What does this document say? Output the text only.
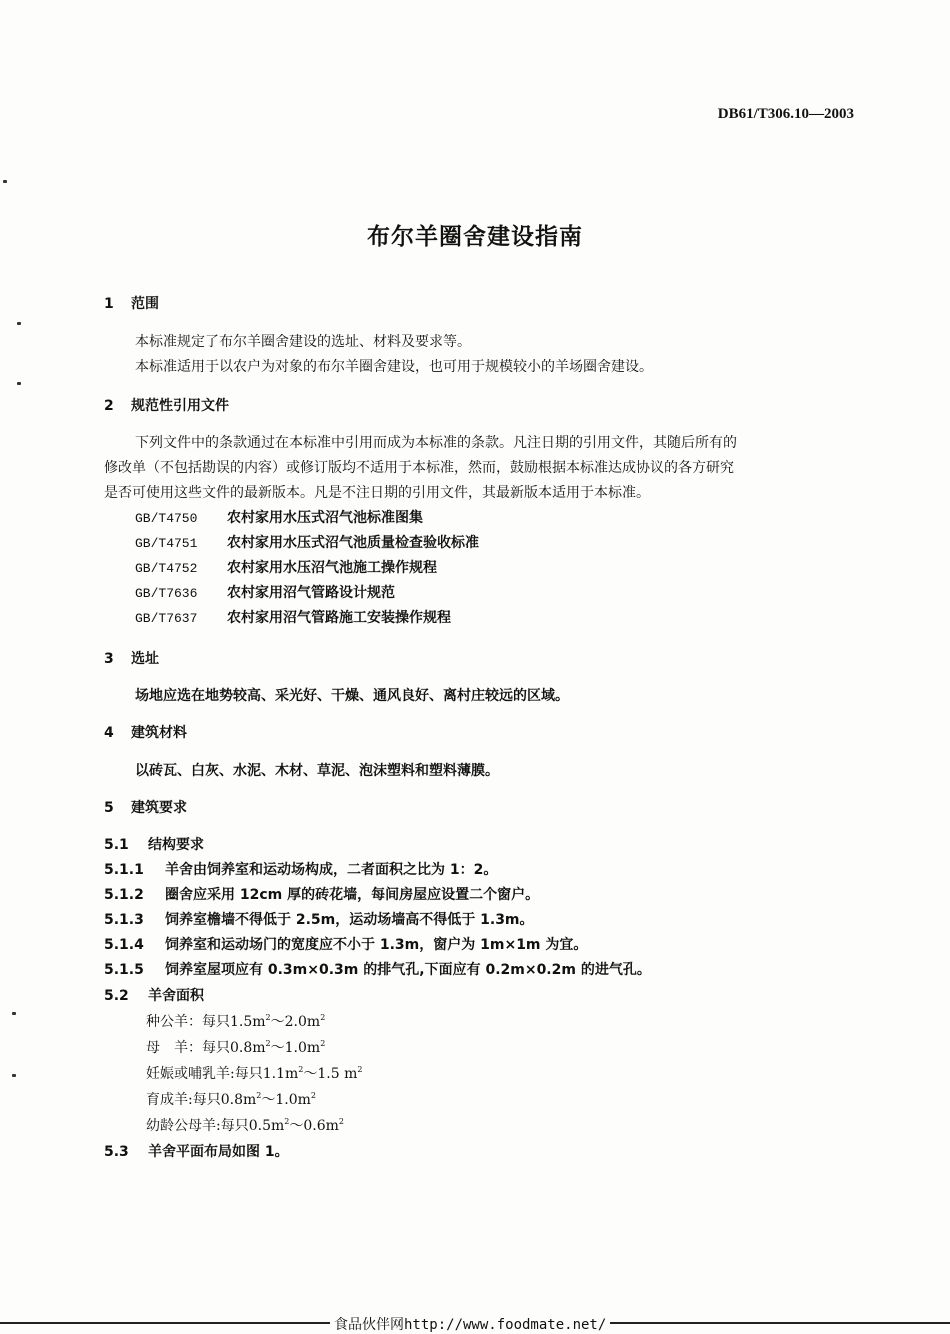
DB61/T306.10—2003
布尔羊圈舍建设指南
1 范围
本标准规定了布尔羊圈舍建设的选址、材料及要求等。
本标准适用于以农户为对象的布尔羊圈舍建设，也可用于规模较小的羊场圈舍建设。
2 规范性引用文件
下列文件中的条款通过在本标准中引用而成为本标准的条款。凡注日期的引用文件，其随后所有的
修改单（不包括勘误的内容）或修订版均不适用于本标准，然而，鼓励根据本标准达成协议的各方研究
是否可使用这些文件的最新版本。凡是不注日期的引用文件，其最新版本适用于本标准。
GB/T4750 农村家用水压式沼气池标准图集
GB/T4751 农村家用水压式沼气池质量检查验收标准
GB/T4752 农村家用水压沼气池施工操作规程
GB/T7636 农村家用沼气管路设计规范
GB/T7637 农村家用沼气管路施工安装操作规程
3 选址
场地应选在地势较高、采光好、干燥、通风良好、离村庄较远的区域。
4 建筑材料
以砖瓦、白灰、水泥、木材、草泥、泡沫塑料和塑料薄膜。
5 建筑要求
5.1 结构要求
5.1.1 羊舍由饲养室和运动场构成，二者面积之比为 1：2。
5.1.2 圈舍应采用 12cm 厚的砖花墙，每间房屋应设置二个窗户。
5.1.3 饲养室檐墙不得低于 2.5m，运动场墙高不得低于 1.3m。
5.1.4 饲养室和运动场门的宽度应不小于 1.3m，窗户为 1m×1m 为宜。
5.1.5 饲养室屋项应有 0.3m×0.3m 的排气孔,下面应有 0.2m×0.2m 的进气孔。
5.2 羊舍面积
种公羊：每只$1.5m^2\sim 2.0m^2$
母　羊：每只$0.8m^2\sim 1.0m^2$
妊娠或哺乳羊:每只$1.1m^2\sim 1.5$ $m^2$
育成羊:每只$0.8m^2\sim 1.0m^2$
幼龄公母羊:每只$0.5m^2\sim 0.6m^2$
5.3 羊舍平面布局如图 1。
食品伙伴网http://www.foodmate.net/
